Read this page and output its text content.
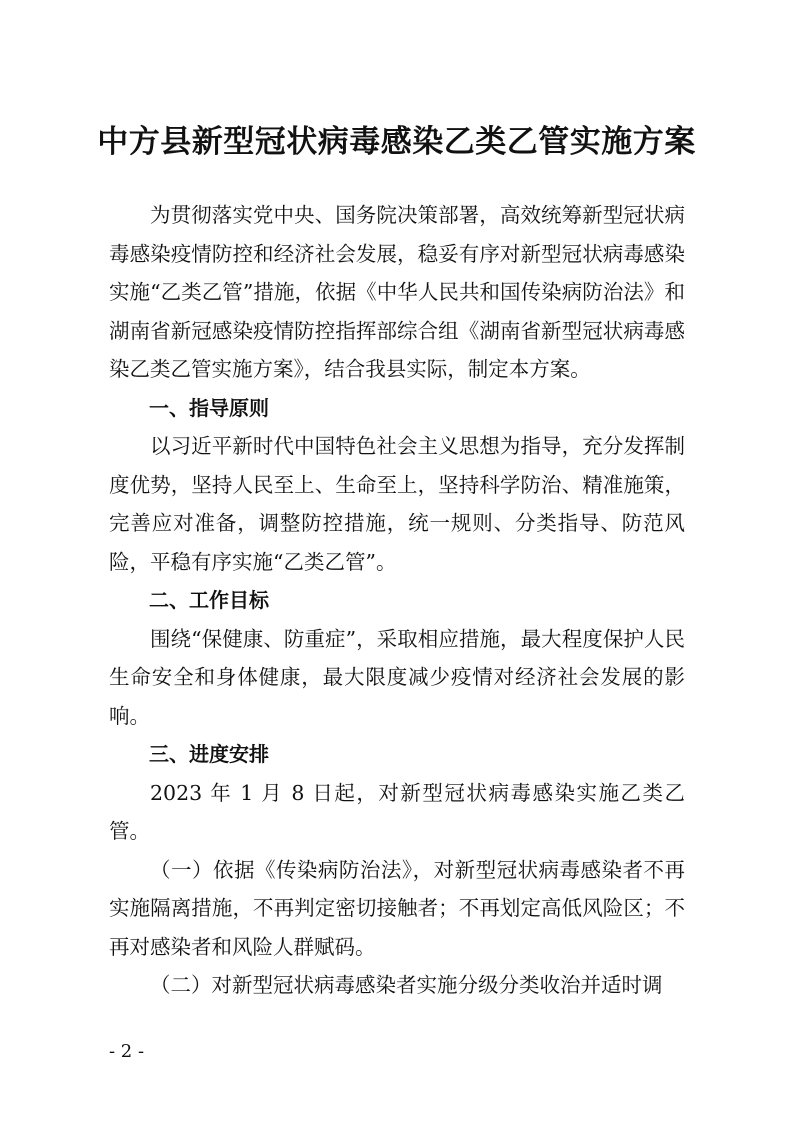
中方县新型冠状病毒感染乙类乙管实施方案

为贯彻落实党中央、国务院决策部署，高效统筹新型冠状病毒感染疫情防控和经济社会发展，稳妥有序对新型冠状病毒感染实施“乙类乙管”措施，依据《中华人民共和国传染病防治法》和湖南省新冠感染疫情防控指挥部综合组《湖南省新型冠状病毒感染乙类乙管实施方案》，结合我县实际，制定本方案。

一、指导原则

以习近平新时代中国特色社会主义思想为指导，充分发挥制度优势，坚持人民至上、生命至上，坚持科学防治、精准施策，完善应对准备，调整防控措施，统一规则、分类指导、防范风险，平稳有序实施“乙类乙管”。

二、工作目标

围绕“保健康、防重症”，采取相应措施，最大程度保护人民生命安全和身体健康，最大限度减少疫情对经济社会发展的影响。

三、进度安排

2023 年 1 月 8 日起，对新型冠状病毒感染实施乙类乙管。

（一）依据《传染病防治法》，对新型冠状病毒感染者不再实施隔离措施，不再判定密切接触者；不再划定高低风险区；不再对感染者和风险人群赋码。

（二）对新型冠状病毒感染者实施分级分类收治并适时调

- 2 -
